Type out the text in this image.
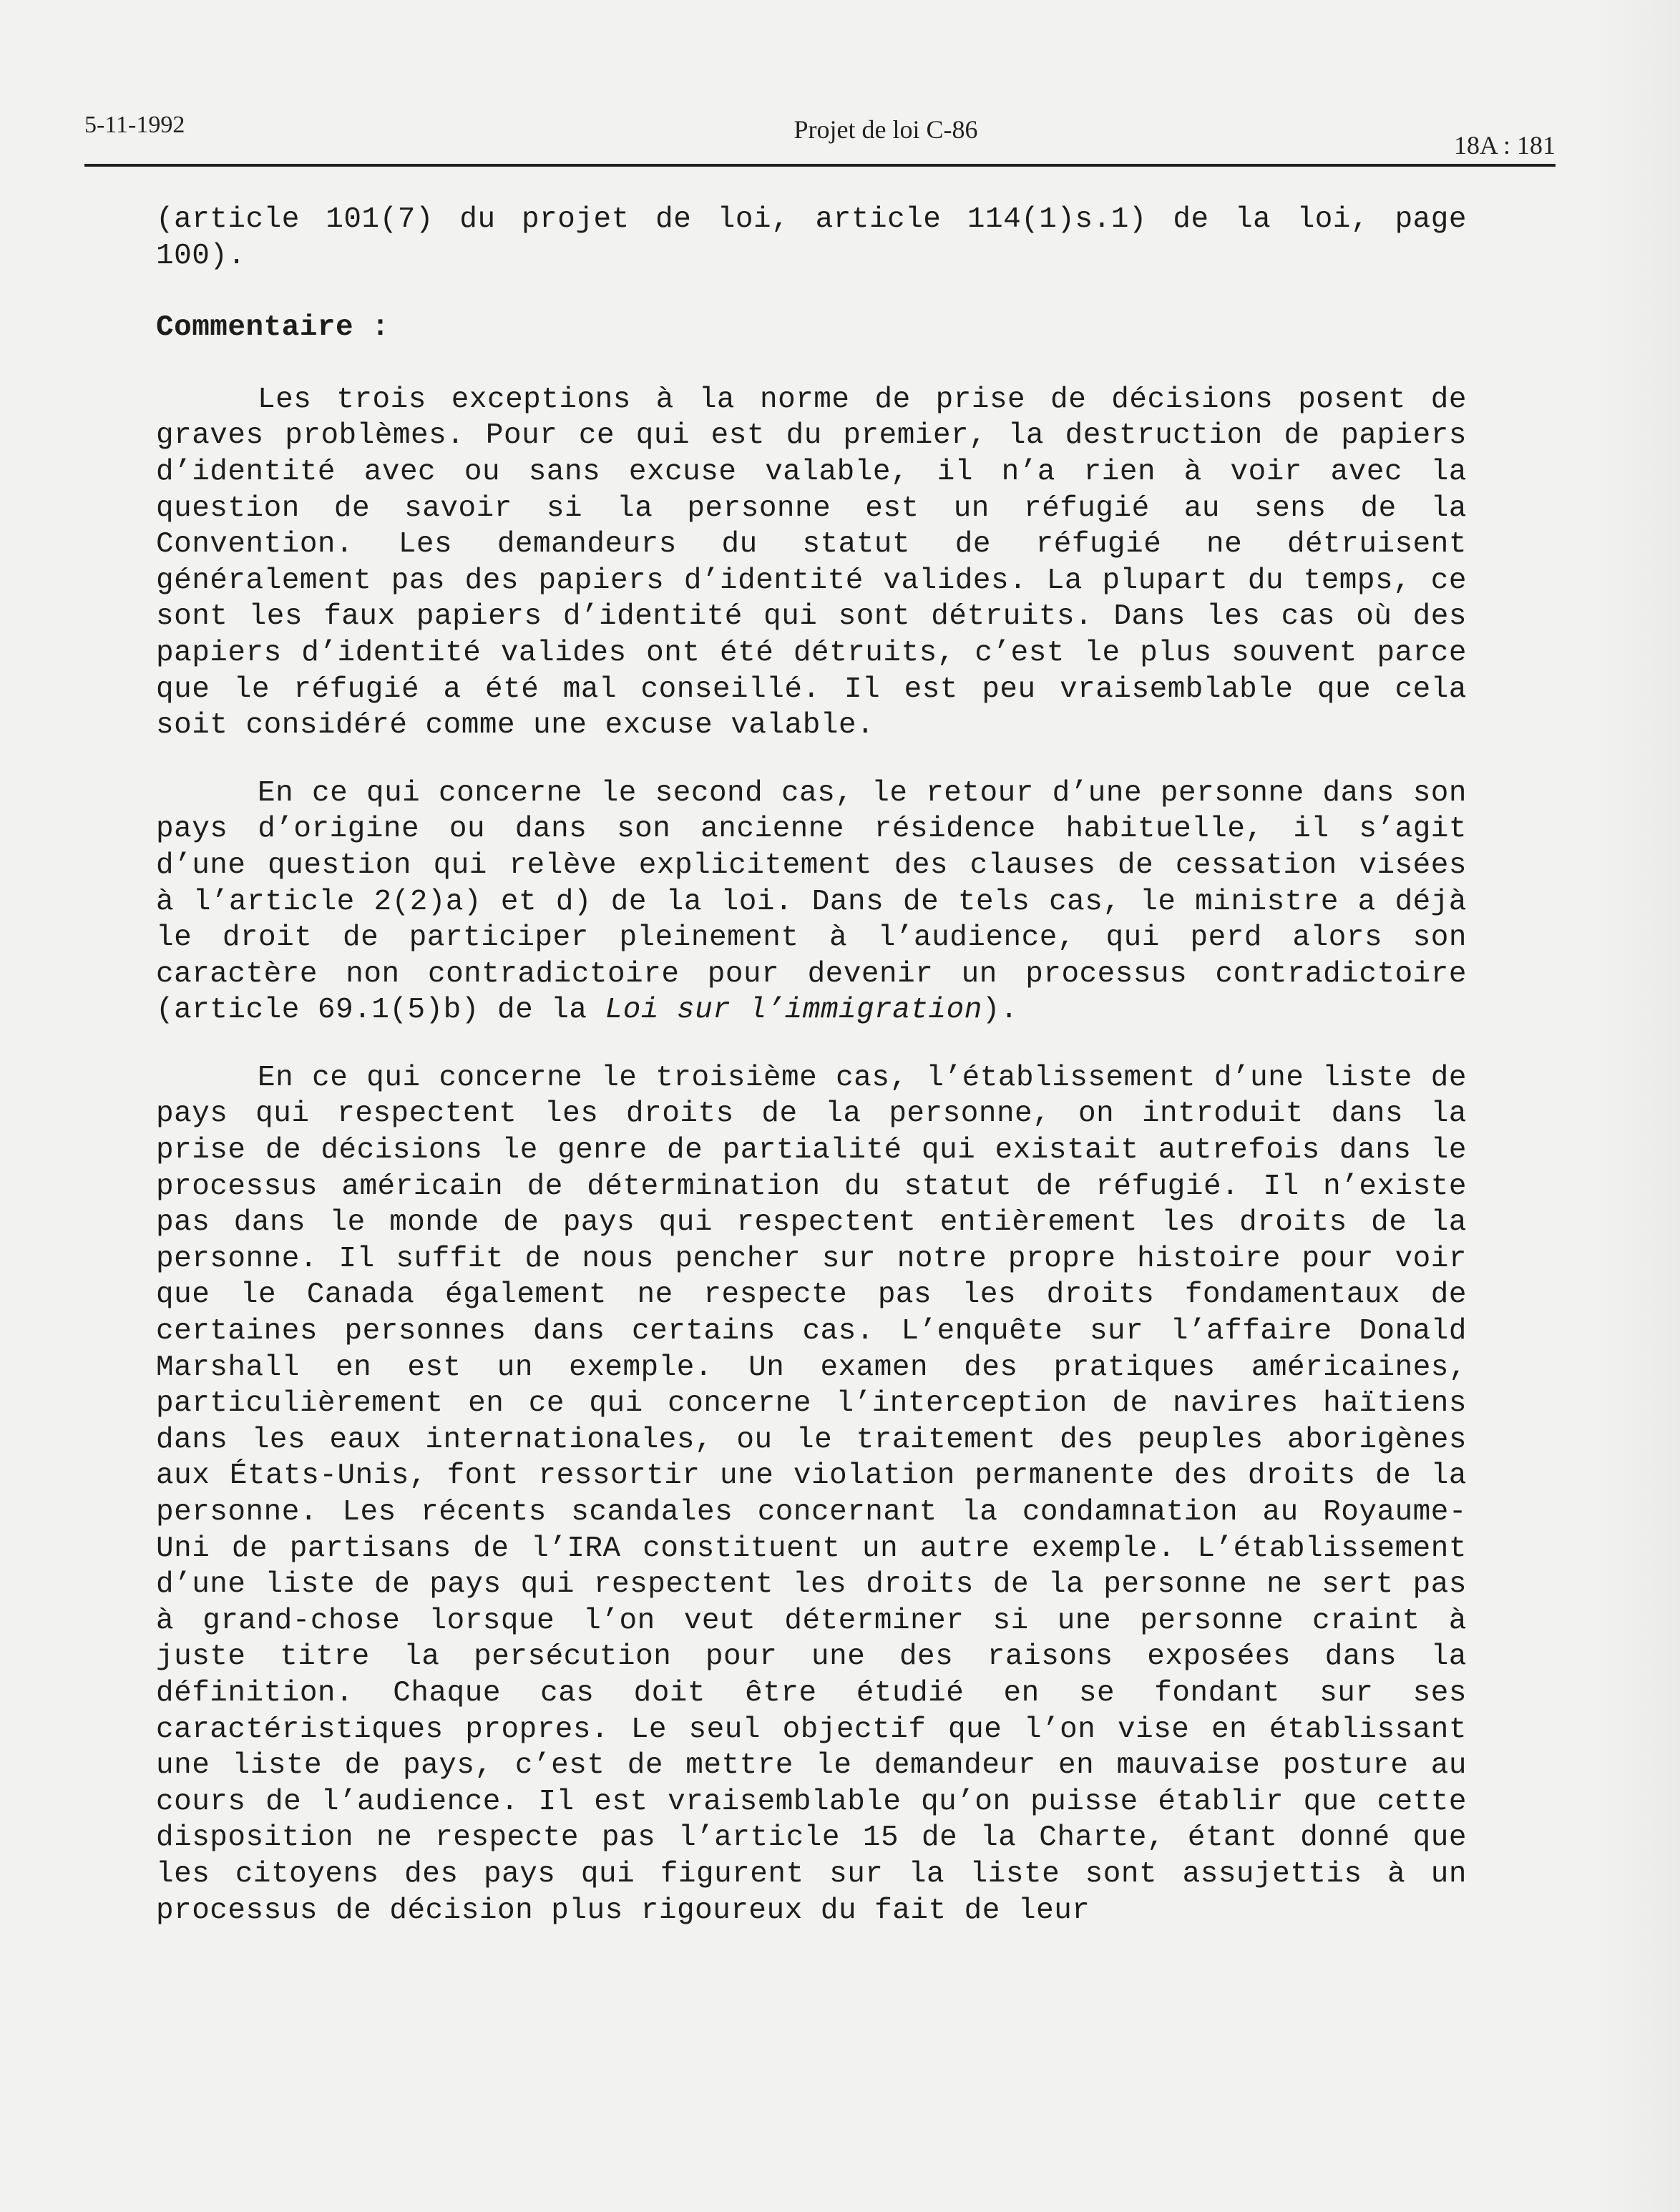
5-11-1992	Projet de loi C-86
18A : 181

(article 101(7) du projet de loi, article 114(1)s.1) de la loi, page 100).

Commentaire :

Les trois exceptions à la norme de prise de décisions posent de graves problèmes. Pour ce qui est du premier, la destruction de papiers d’identité avec ou sans excuse valable, il n’a rien à voir avec la question de savoir si la personne est un réfugié au sens de la Convention. Les demandeurs du statut de réfugié ne détruisent généralement pas des papiers d’identité valides. La plupart du temps, ce sont les faux papiers d’identité qui sont détruits. Dans les cas où des papiers d’identité valides ont été détruits, c’est le plus souvent parce que le réfugié a été mal conseillé. Il est peu vraisemblable que cela soit considéré comme une excuse valable.

En ce qui concerne le second cas, le retour d’une personne dans son pays d’origine ou dans son ancienne résidence habituelle, il s’agit d’une question qui relève explicitement des clauses de cessation visées à l’article 2(2)a) et d) de la loi. Dans de tels cas, le ministre a déjà le droit de participer pleinement à l’audience, qui perd alors son caractère non contradictoire pour devenir un processus contradictoire (article 69.1(5)b) de la Loi sur l’immigration).

En ce qui concerne le troisième cas, l’établissement d’une liste de pays qui respectent les droits de la personne, on introduit dans la prise de décisions le genre de partialité qui existait autrefois dans le processus américain de détermination du statut de réfugié. Il n’existe pas dans le monde de pays qui respectent entièrement les droits de la personne. Il suffit de nous pencher sur notre propre histoire pour voir que le Canada également ne respecte pas les droits fondamentaux de certaines personnes dans certains cas. L’enquête sur l’affaire Donald Marshall en est un exemple. Un examen des pratiques américaines, particulièrement en ce qui concerne l’interception de navires haïtiens dans les eaux internationales, ou le traitement des peuples aborigènes aux États-Unis, font ressortir une violation permanente des droits de la personne. Les récents scandales concernant la condamnation au Royaume-Uni de partisans de l’IRA constituent un autre exemple. L’établissement d’une liste de pays qui respectent les droits de la personne ne sert pas à grand-chose lorsque l’on veut déterminer si une personne craint à juste titre la persécution pour une des raisons exposées dans la définition. Chaque cas doit être étudié en se fondant sur ses caractéristiques propres. Le seul objectif que l’on vise en établissant une liste de pays, c’est de mettre le demandeur en mauvaise posture au cours de l’audience. Il est vraisemblable qu’on puisse établir que cette disposition ne respecte pas l’article 15 de la Charte, étant donné que les citoyens des pays qui figurent sur la liste sont assujettis à un processus de décision plus rigoureux du fait de leur
